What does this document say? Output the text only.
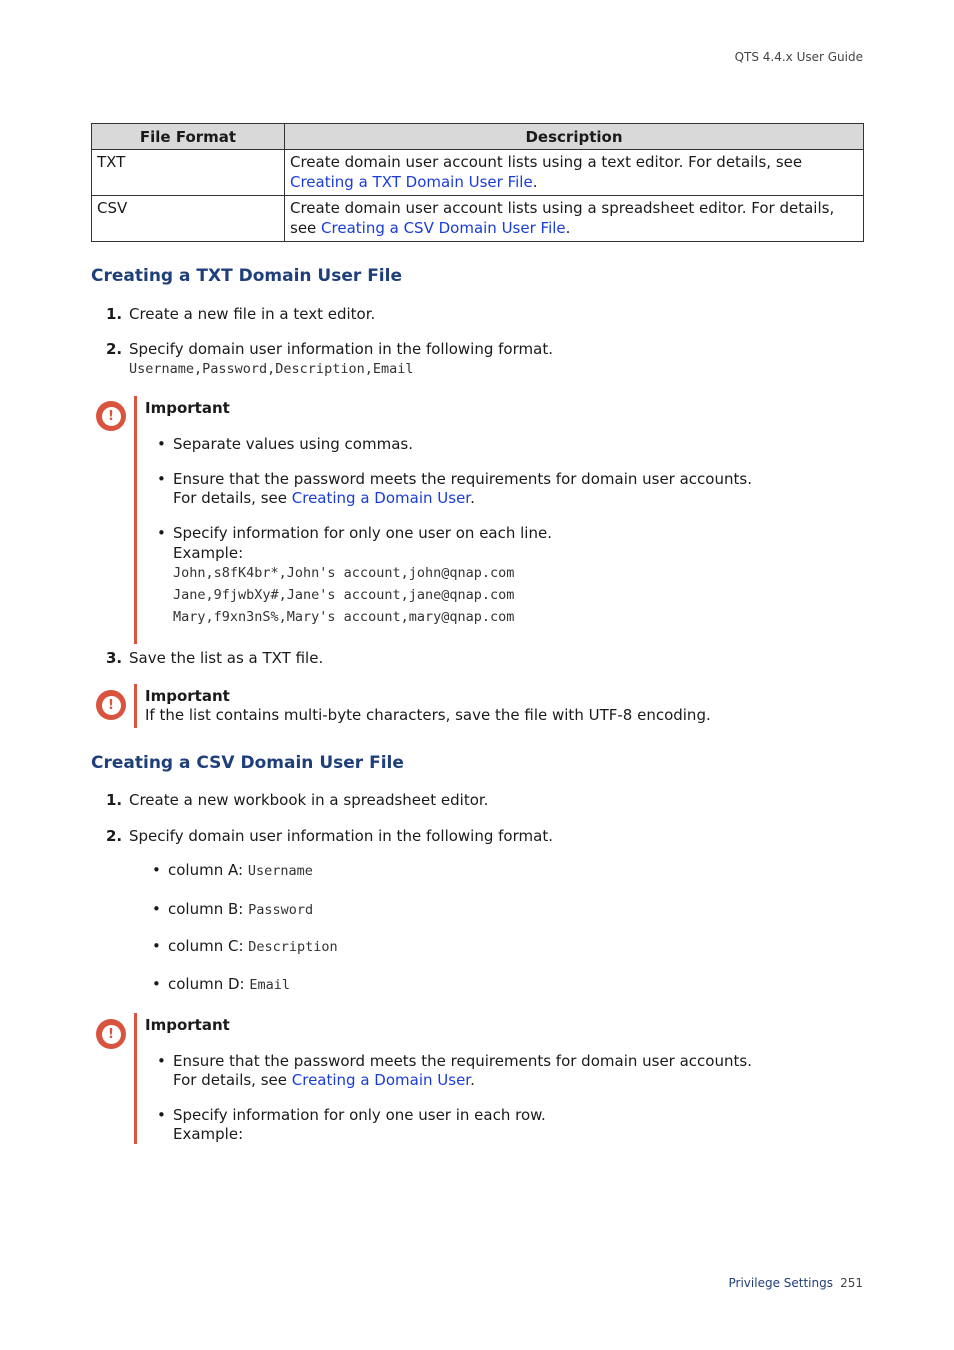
QTS 4.4.x User Guide
File Format	Description
TXT	Create domain user account lists using a text editor. For details, see Creating a TXT Domain User File.
CSV	Create domain user account lists using a spreadsheet editor. For details, see Creating a CSV Domain User File.
Creating a TXT Domain User File
1. Create a new file in a text editor.
2. Specify domain user information in the following format.
Username,Password,Description,Email
!	Important
• Separate values using commas.
• Ensure that the password meets the requirements for domain user accounts.
For details, see Creating a Domain User.
• Specify information for only one user on each line.
Example:
John,s8fK4br*,John's account,john@qnap.com
Jane,9fjwbXy#,Jane's account,jane@qnap.com
Mary,f9xn3nS%,Mary's account,mary@qnap.com
3. Save the list as a TXT file.
!	Important
If the list contains multi-byte characters, save the file with UTF-8 encoding.
Creating a CSV Domain User File
1. Create a new workbook in a spreadsheet editor.
2. Specify domain user information in the following format.
• column A: Username
• column B: Password
• column C: Description
• column D: Email
!	Important
• Ensure that the password meets the requirements for domain user accounts.
For details, see Creating a Domain User.
• Specify information for only one user in each row.
Example:
Privilege Settings 251
